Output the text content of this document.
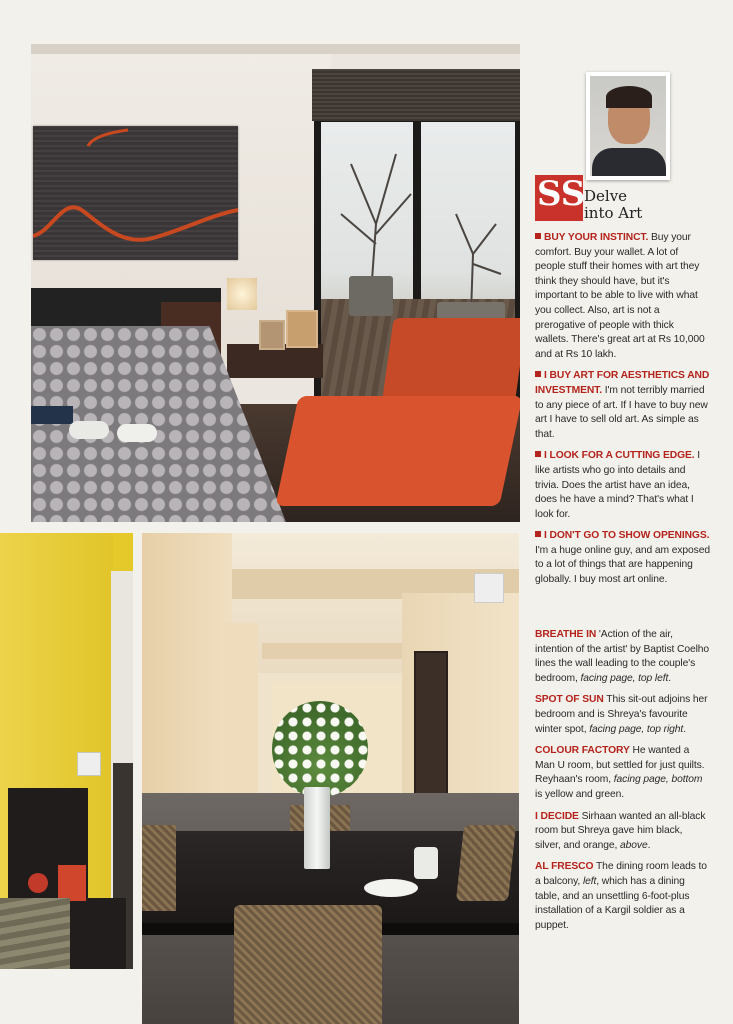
SS
Delve
into Art

BUY YOUR INSTINCT. Buy your comfort. Buy your wallet. A lot of people stuff their homes with art they think they should have, but it's important to be able to live with what you collect. Also, art is not a prerogative of people with thick wallets. There's great art at Rs 10,000 and at Rs 10 lakh.

I BUY ART FOR AESTHETICS AND INVESTMENT. I'm not terribly married to any piece of art. If I have to buy new art I have to sell old art. As simple as that.

I LOOK FOR A CUTTING EDGE. I like artists who go into details and trivia. Does the artist have an idea, does he have a mind? That's what I look for.

I DON'T GO TO SHOW OPENINGS. I'm a huge online guy, and am exposed to a lot of things that are happening globally. I buy most art online.

BREATHE IN 'Action of the air, intention of the artist' by Baptist Coelho lines the wall leading to the couple's bedroom, facing page, top left.

SPOT OF SUN This sit-out adjoins her bedroom and is Shreya's favourite winter spot, facing page, top right.

COLOUR FACTORY He wanted a Man U room, but settled for just quilts. Reyhaan's room, facing page, bottom is yellow and green.

I DECIDE Sirhaan wanted an all-black room but Shreya gave him black, silver, and orange, above.

AL FRESCO The dining room leads to a balcony, left, which has a dining table, and an unsettling 6-foot-plus installation of a Kargil soldier as a puppet.
